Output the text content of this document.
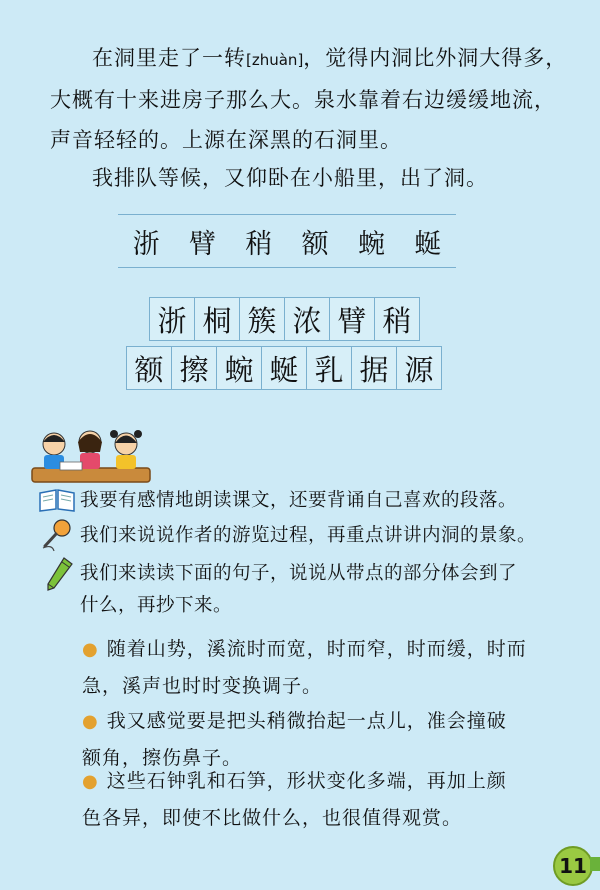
在洞里走了一转[zhuàn]，觉得内洞比外洞大得多，大概有十来进房子那么大。泉水靠着右边缓缓地流，声音轻轻的。上源在深黑的石洞里。
我排队等候，又仰卧在小船里，出了洞。
浙 臂 稍 额 蜿 蜒
浙 桐 簇 浓 臂 稍
额 擦 蜿 蜒 乳 据 源
我要有感情地朗读课文，还要背诵自己喜欢的段落。
我们来说说作者的游览过程，再重点讲讲内洞的景象。
我们来读读下面的句子，说说从带点的部分体会到了
什么，再抄下来。
● 随着山势，溪流时而宽，时而窄，时而缓，时而
急，溪声也时时变换调子。
● 我又感觉要是把头稍微抬起一点儿，准会撞破
额角，擦伤鼻子。
● 这些石钟乳和石笋，形状变化多端，再加上颜
色各异，即使不比做什么，也很值得观赏。
11
